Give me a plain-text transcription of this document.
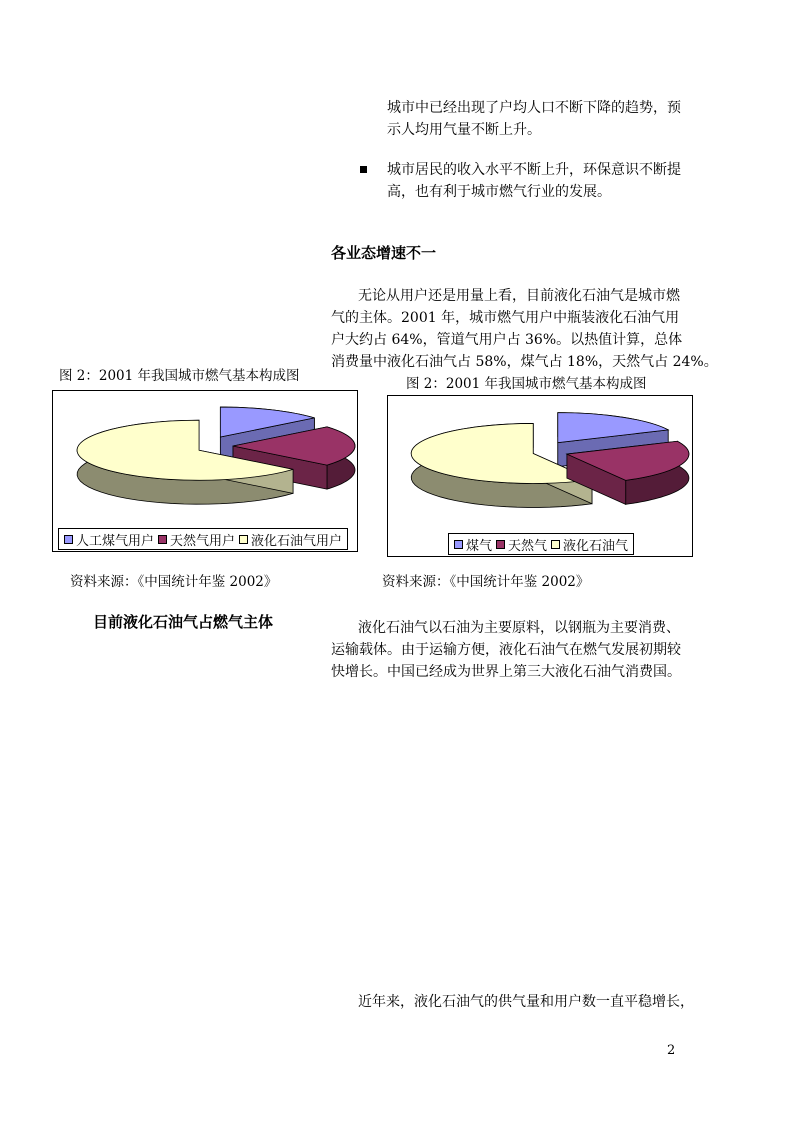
城市中已经出现了户均人口不断下降的趋势，预
示人均用气量不断上升。
城市居民的收入水平不断上升，环保意识不断提
高，也有利于城市燃气行业的发展。
各业态增速不一
无论从用户还是用量上看，目前液化石油气是城市燃
气的主体。2001 年，城市燃气用户中瓶装液化石油气用
户大约占 64%，管道气用户占 36%。以热值计算，总体
消费量中液化石油气占 58%，煤气占 18%，天然气占 24%。
图 2：2001 年我国城市燃气基本构成图	图 2：2001 年我国城市燃气基本构成图
人工煤气用户 天然气用户 液化石油气用户	煤气 天然气 液化石油气
资料来源：《中国统计年鉴 2002》	资料来源：《中国统计年鉴 2002》
目前液化石油气占燃气主体	液化石油气以石油为主要原料，以钢瓶为主要消费、
运输载体。由于运输方便，液化石油气在燃气发展初期较
快增长。中国已经成为世界上第三大液化石油气消费国。
近年来，液化石油气的供气量和用户数一直平稳增长，
2
